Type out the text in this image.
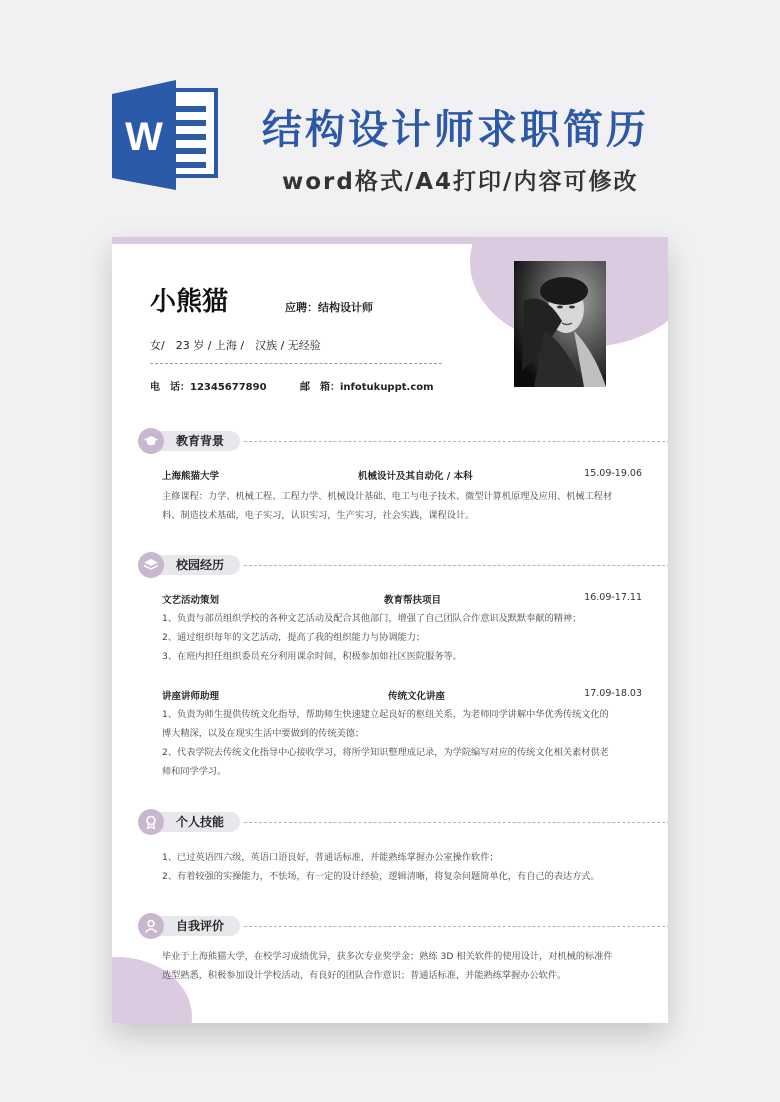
W 结构设计师求职简历
word格式/A4打印/内容可修改
小熊猫	应聘：结构设计师
女/　23 岁 / 上海 /　汉族 / 无经验
电　话：12345677890	邮　箱：infotukuppt.com
教育背景
上海熊猫大学	机械设计及其自动化 / 本科	15.09-19.06

主修课程：力学、机械工程、工程力学、机械设计基础、电工与电子技术、微型计算机原理及应用、机械工程材

料、制造技术基础，电子实习，认识实习，生产实习，社会实践，课程设计。

校园经历
文艺活动策划	教育帮扶项目	16.09-17.11

1、负责与部员组织学校的各种文艺活动及配合其他部门，增强了自己团队合作意识及默默奉献的精神；

2、通过组织每年的文艺活动，提高了我的组织能力与协调能力；

3、在班内担任组织委员充分利用课余时间，积极参加如社区医院服务等。

讲座讲师助理	传统文化讲座	17.09-18.03

1、负责为师生提供传统文化指导，帮助师生快速建立起良好的枢纽关系，为老师同学讲解中华优秀传统文化的

博大精深，以及在现实生活中要做到的传统美德；

2、代表学院去传统文化指导中心接收学习，将所学知识整理成记录，为学院编写对应的传统文化相关素材供老

师和同学学习。

个人技能

1、已过英语四六级，英语口语良好，普通话标准，并能熟练掌握办公室操作软件；

2、有着较强的实操能力，不怯场，有一定的设计经验，逻辑清晰，将复杂问题简单化，有自己的表达方式。

自我评价

毕业于上海熊猫大学，在校学习成绩优异，获多次专业奖学金；熟练 3D 相关软件的使用设计，对机械的标准件

选型熟悉，积极参加设计学校活动，有良好的团队合作意识；普通话标准，并能熟练掌握办公软件。
